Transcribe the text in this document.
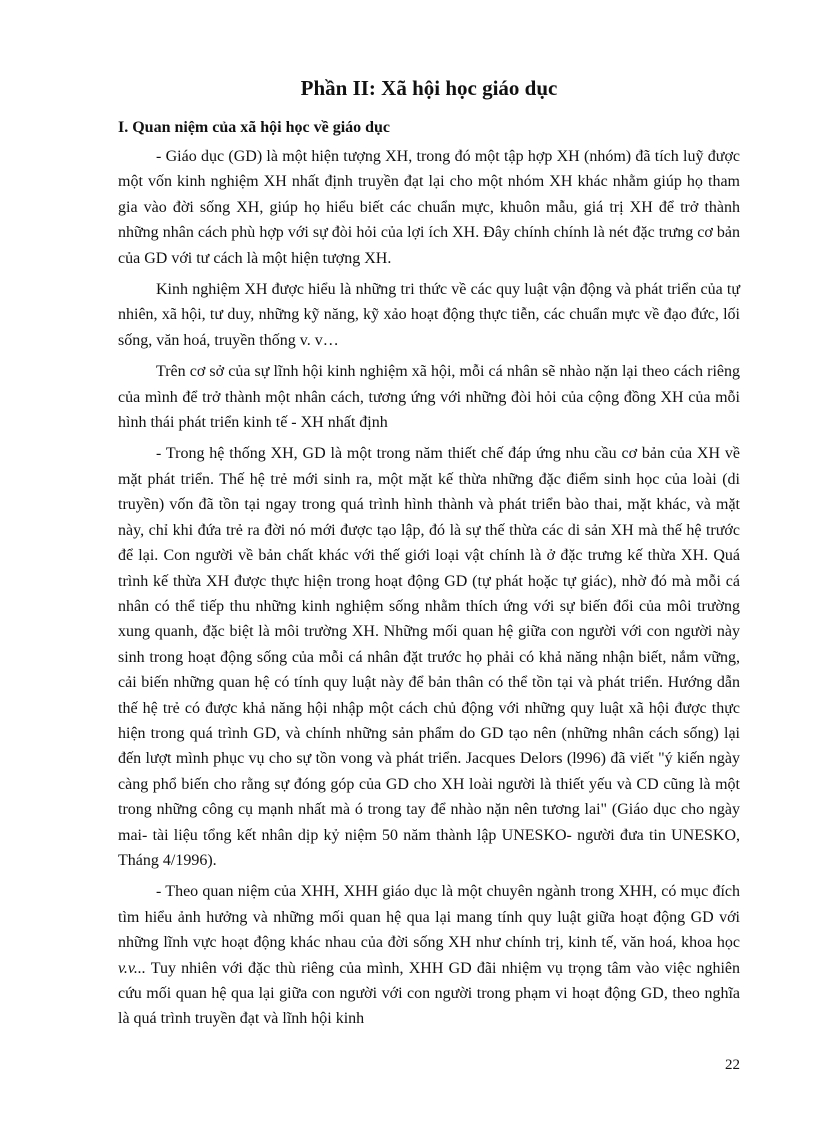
Phần II: Xã hội học giáo dục
I. Quan niệm của xã hội học về giáo dục

- Giáo dục (GD) là một hiện tượng XH, trong đó một tập hợp XH (nhóm) đã tích luỹ được một vốn kinh nghiệm XH nhất định truyền đạt lại cho một nhóm XH khác nhằm giúp họ tham gia vào đời sống XH, giúp họ hiểu biết các chuẩn mực, khuôn mẫu, giá trị XH để trở thành những nhân cách phù hợp với sự đòi hỏi của lợi ích XH. Đây chính chính là nét đặc trưng cơ bản của GD với tư cách là một hiện tượng XH.

Kinh nghiệm XH được hiểu là những tri thức về các quy luật vận động và phát triển của tự nhiên, xã hội, tư duy, những kỹ năng, kỹ xảo hoạt động thực tiễn, các chuẩn mực về đạo đức, lối sống, văn hoá, truyền thống v. v…

Trên cơ sở của sự lĩnh hội kinh nghiệm xã hội, mỗi cá nhân sẽ nhào nặn lại theo cách riêng của mình để trở thành một nhân cách, tương ứng với những đòi hỏi của cộng đồng XH của mỗi hình thái phát triển kinh tế - XH nhất định

- Trong hệ thống XH, GD là một trong năm thiết chế đáp ứng nhu cầu cơ bản của XH về mặt phát triển. Thế hệ trẻ mới sinh ra, một mặt kế thừa những đặc điểm sinh học của loài (di truyền) vốn đã tồn tại ngay trong quá trình hình thành và phát triển bào thai, mặt khác, và mặt này, chỉ khi đứa trẻ ra đời nó mới được tạo lập, đó là sự thế thừa các di sản XH mà thế hệ trước để lại. Con người về bản chất khác với thế giới loại vật chính là ở đặc trưng kế thừa XH. Quá trình kế thừa XH được thực hiện trong hoạt động GD (tự phát hoặc tự giác), nhờ đó mà mỗi cá nhân có thể tiếp thu những kinh nghiệm sống nhằm thích ứng với sự biến đổi của môi trường xung quanh, đặc biệt là môi trường XH. Những mối quan hệ giữa con người với con người này sinh trong hoạt động sống của mỗi cá nhân đặt trước họ phải có khả năng nhận biết, nắm vững, cải biến những quan hệ có tính quy luật này để bản thân có thể tồn tại và phát triển. Hướng dẫn thế hệ trẻ có được khả năng hội nhập một cách chủ động với những quy luật xã hội được thực hiện trong quá trình GD, và chính những sản phẩm do GD tạo nên (những nhân cách sống) lại đến lượt mình phục vụ cho sự tồn vong và phát triển. Jacques Delors (l996) đã viết "ý kiến ngày càng phổ biến cho rằng sự đóng góp của GD cho XH loài người là thiết yếu và CD cũng là một trong những công cụ mạnh nhất mà ó trong tay để nhào nặn nên tương lai" (Giáo dục cho ngày mai- tài liệu tổng kết nhân dịp kỷ niệm 50 năm thành lập UNESKO- người đưa tin UNESKO, Tháng 4/1996).

- Theo quan niệm của XHH, XHH giáo dục là một chuyên ngành trong XHH, có mục đích tìm hiểu ảnh hưởng và những mối quan hệ qua lại mang tính quy luật giữa hoạt động GD với những lĩnh vực hoạt động khác nhau của đời sống XH như chính trị, kinh tế, văn hoá, khoa học v.v... Tuy nhiên với đặc thù riêng của mình, XHH GD đãi nhiệm vụ trọng tâm vào việc nghiên cứu mối quan hệ qua lại giữa con người với con người trong phạm vi hoạt động GD, theo nghĩa là quá trình truyền đạt và lĩnh hội kinh

22
